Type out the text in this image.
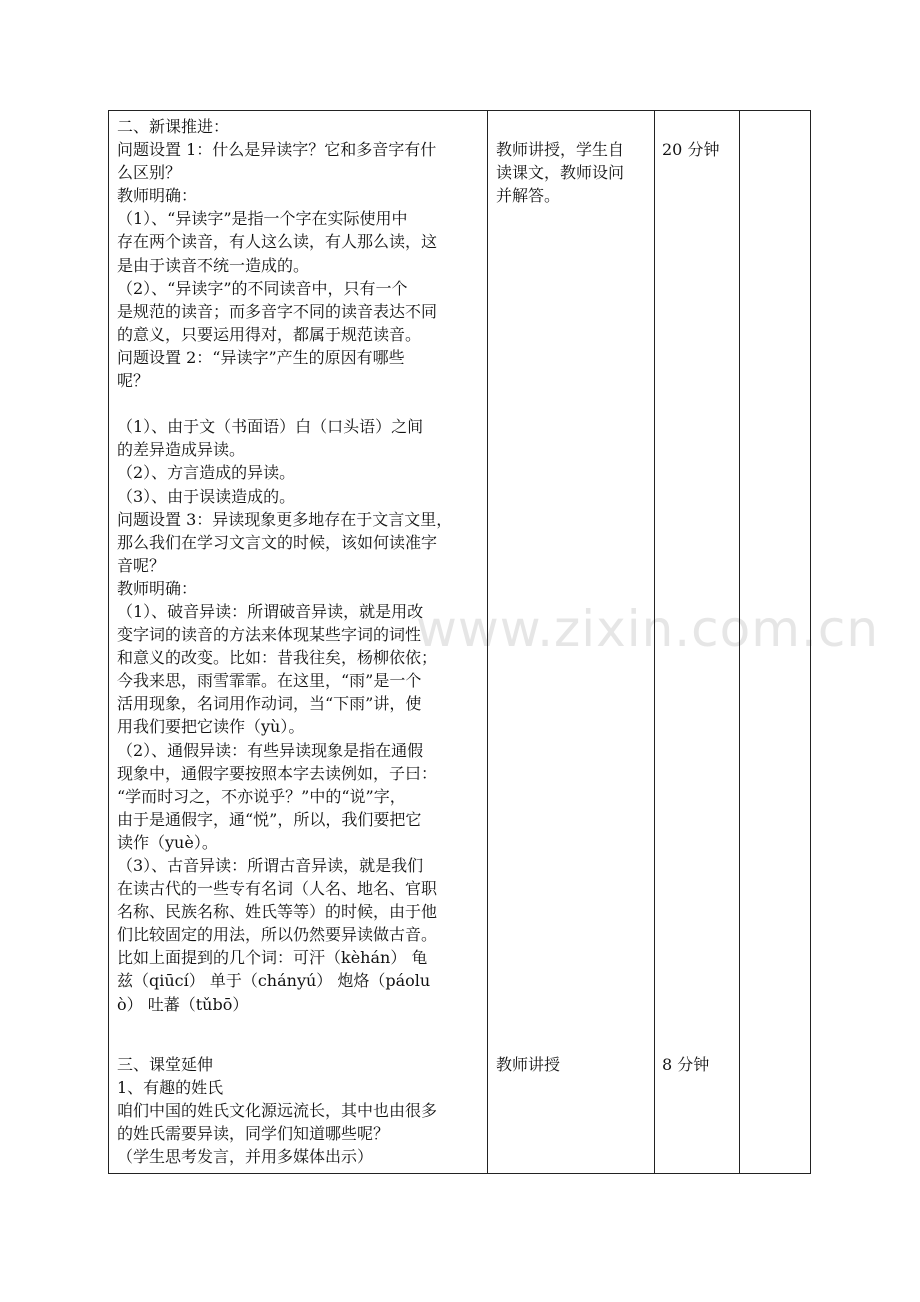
www.zixin.com.cn
二、新课推进：
问题设置 1：什么是异读字？它和多音字有什
么区别？
教师明确：
（1）、“异读字”是指一个字在实际使用中
存在两个读音，有人这么读，有人那么读，这
是由于读音不统一造成的。
（2）、“异读字”的不同读音中，只有一个
是规范的读音；而多音字不同的读音表达不同
的意义，只要运用得对，都属于规范读音。
问题设置 2：“异读字”产生的原因有哪些
呢？

（1）、由于文（书面语）白（口头语）之间
的差异造成异读。
（2）、方言造成的异读。
（3）、由于误读造成的。
问题设置 3：异读现象更多地存在于文言文里，
那么我们在学习文言文的时候，该如何读准字
音呢？
教师明确：
（1）、破音异读：所谓破音异读，就是用改
变字词的读音的方法来体现某些字词的词性
和意义的改变。比如：昔我往矣，杨柳依依；
今我来思，雨雪霏霏。在这里，“雨”是一个
活用现象，名词用作动词，当“下雨”讲，使
用我们要把它读作（yù）。
（2）、通假异读：有些异读现象是指在通假
现象中，通假字要按照本字去读例如，子曰：
“学而时习之，不亦说乎？”中的“说”字，
由于是通假字，通“悦”，所以，我们要把它
读作（yuè）。
（3）、古音异读：所谓古音异读，就是我们
在读古代的一些专有名词（人名、地名、官职
名称、民族名称、姓氏等等）的时候，由于他
们比较固定的用法，所以仍然要异读做古音。
比如上面提到的几个词：可汗（kèhán） 龟
兹（qiūcí） 单于（chányú） 炮烙（páolu
ò） 吐蕃（tǔbō）
教师讲授，学生自
读课文，教师设问
并解答。
20 分钟
三、课堂延伸
1、有趣的姓氏
咱们中国的姓氏文化源远流长，其中也由很多
的姓氏需要异读，同学们知道哪些呢？
（学生思考发言，并用多媒体出示）
教师讲授	8 分钟
